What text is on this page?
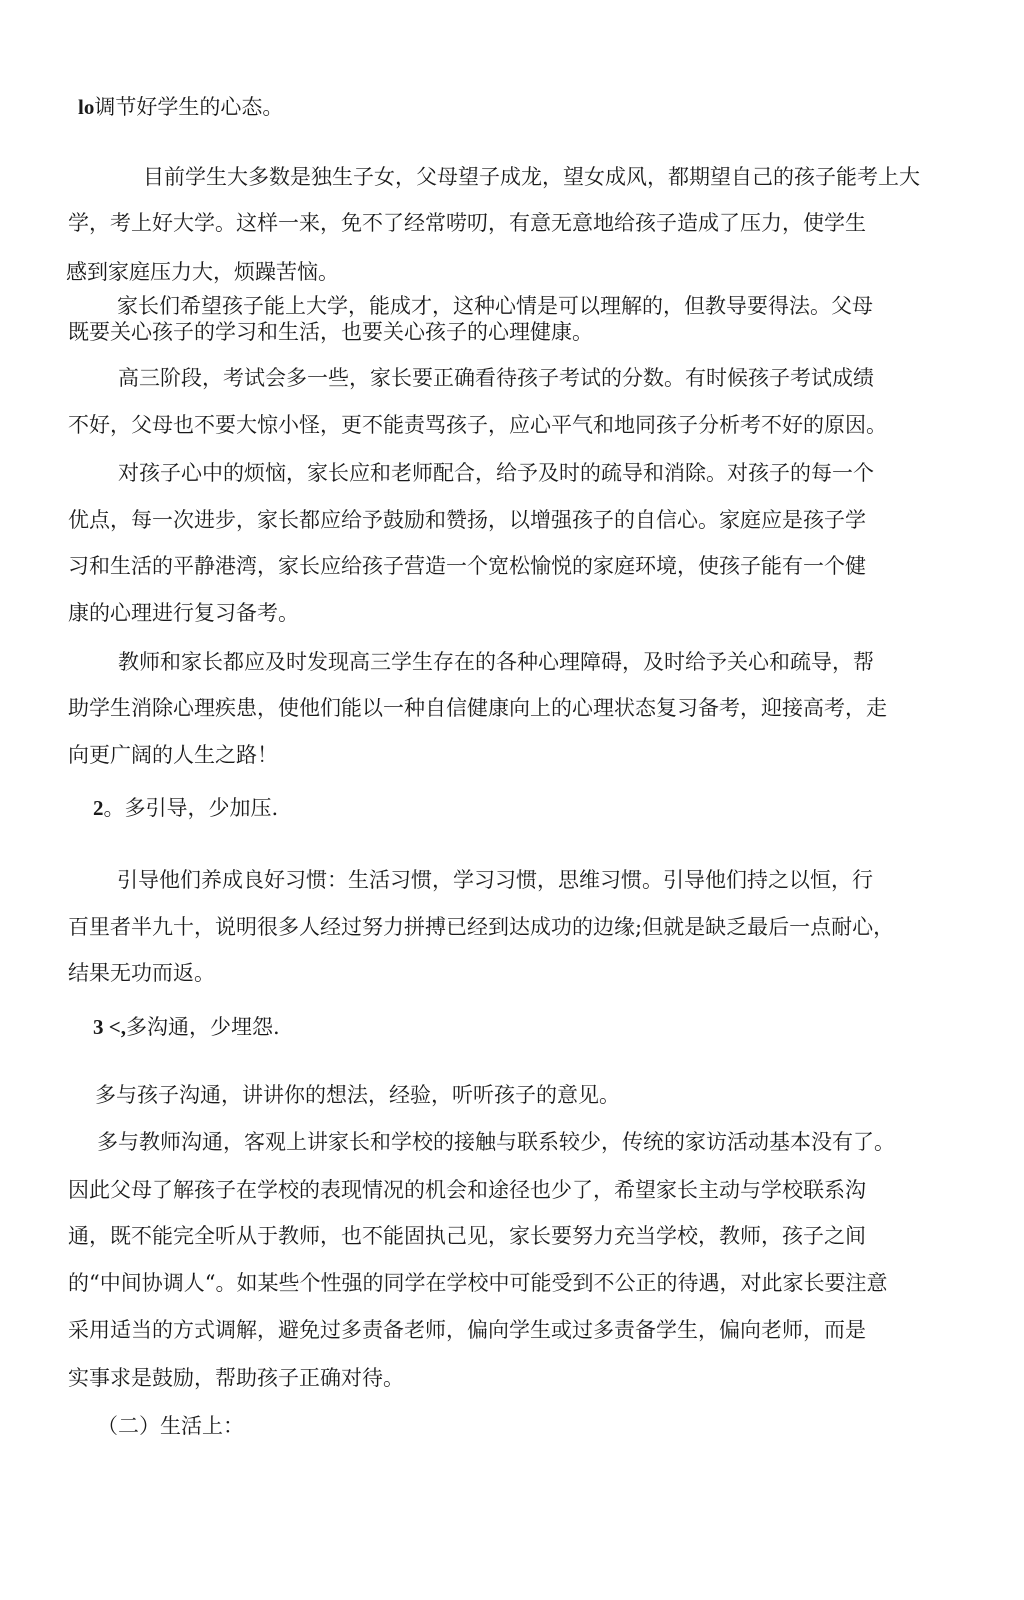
lo调节好学生的心态。
目前学生大多数是独生子女，父母望子成龙，望女成风，都期望自己的孩子能考上大
学，考上好大学。这样一来，免不了经常唠叨，有意无意地给孩子造成了压力，使学生
感到家庭压力大，烦躁苦恼。
家长们希望孩子能上大学，能成才，这种心情是可以理解的，但教导要得法。父母
既要关心孩子的学习和生活，也要关心孩子的心理健康。
高三阶段，考试会多一些，家长要正确看待孩子考试的分数。有时候孩子考试成绩
不好，父母也不要大惊小怪，更不能责骂孩子，应心平气和地同孩子分析考不好的原因。
对孩子心中的烦恼，家长应和老师配合，给予及时的疏导和消除。对孩子的每一个
优点，每一次进步，家长都应给予鼓励和赞扬，以增强孩子的自信心。家庭应是孩子学
习和生活的平静港湾，家长应给孩子营造一个宽松愉悦的家庭环境，使孩子能有一个健
康的心理进行复习备考。
教师和家长都应及时发现高三学生存在的各种心理障碍，及时给予关心和疏导，帮
助学生消除心理疾患，使他们能以一种自信健康向上的心理状态复习备考，迎接高考，走
向更广阔的人生之路！
2。多引导，少加压.
引导他们养成良好习惯：生活习惯，学习习惯，思维习惯。引导他们持之以恒，行
百里者半九十，说明很多人经过努力拼搏已经到达成功的边缘;但就是缺乏最后一点耐心，
结果无功而返。
3 <,多沟通，少埋怨.
多与孩子沟通，讲讲你的想法，经验，听听孩子的意见。
多与教师沟通，客观上讲家长和学校的接触与联系较少，传统的家访活动基本没有了。
因此父母了解孩子在学校的表现情况的机会和途径也少了，希望家长主动与学校联系沟
通，既不能完全听从于教师，也不能固执己见，家长要努力充当学校，教师，孩子之间
的“中间协调人“。如某些个性强的同学在学校中可能受到不公正的待遇，对此家长要注意
采用适当的方式调解，避免过多责备老师，偏向学生或过多责备学生，偏向老师，而是
实事求是鼓励，帮助孩子正确对待。
（二）生活上：
